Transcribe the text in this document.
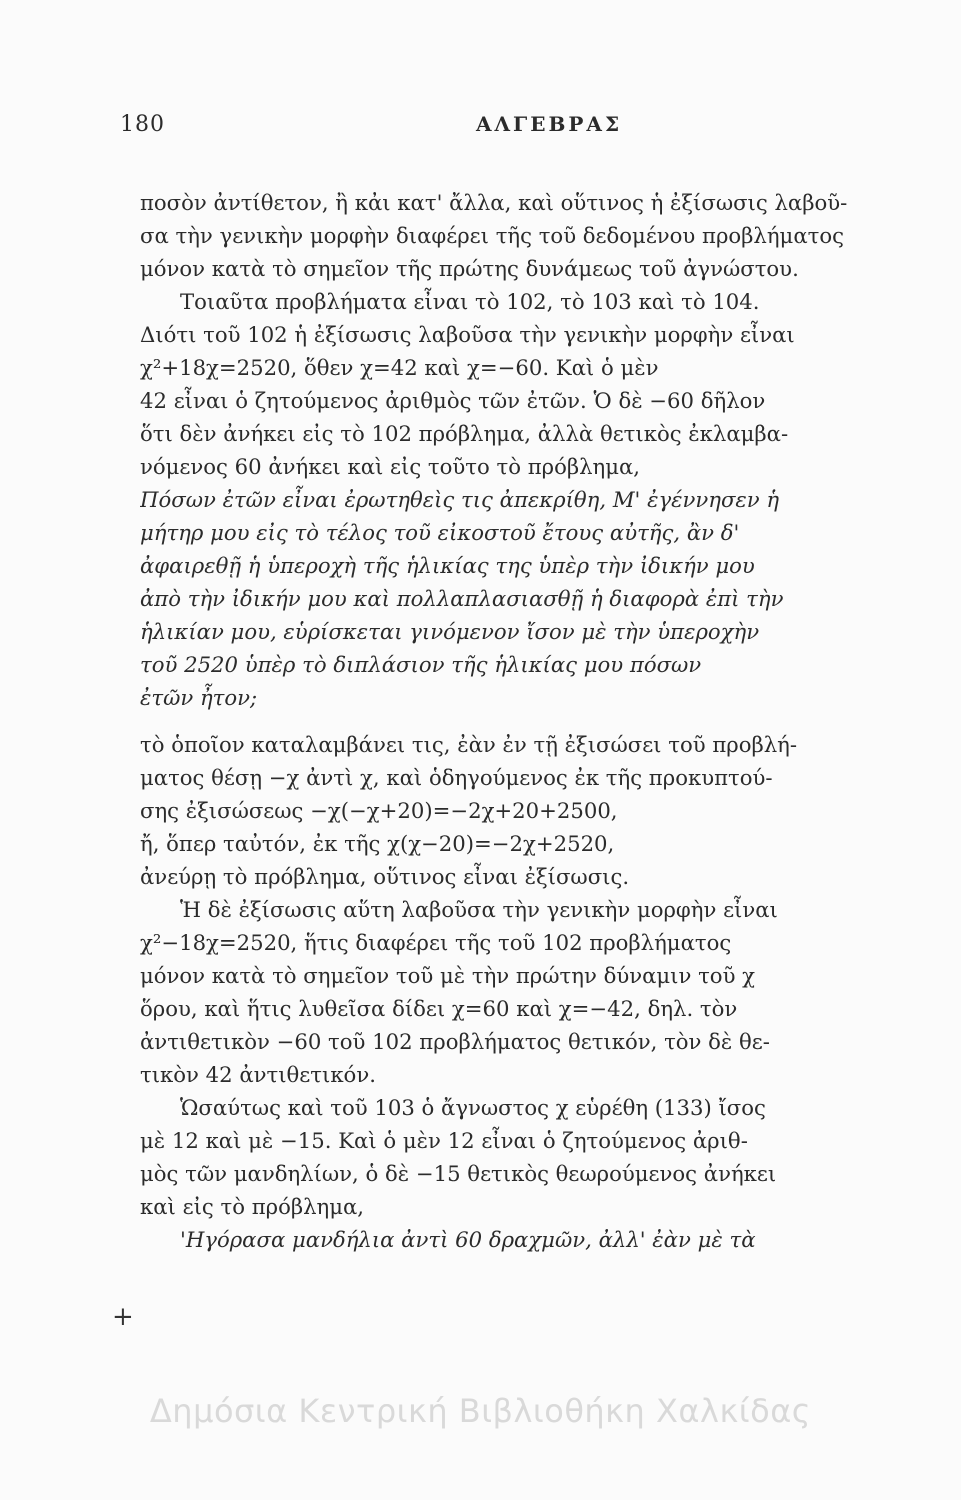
180	ΑΛΓΕΒΡΑΣ
ποσὸν ἀντίθετον, ἢ κἀι κατ' ἄλλα, καὶ οὕτινος ἡ ἐξίσωσις λαβοῦ-
σα τὴν γενικὴν μορφὴν διαφέρει τῆς τοῦ δεδομένου προβλήματος
μόνον κατὰ τὸ σημεῖον τῆς πρώτης δυνάμεως τοῦ ἀγνώστου.
Τοιαῦτα προβλήματα εἶναι τὸ 102, τὸ 103 καὶ τὸ 104.
Διότι τοῦ 102 ἡ ἐξίσωσις λαβοῦσα τὴν γενικὴν μορφὴν εἶναι
χ²+18χ=2520, ὅθεν χ=42 καὶ χ=−60. Καὶ ὁ μὲν
42 εἶναι ὁ ζητούμενος ἀριθμὸς τῶν ἐτῶν. Ὁ δὲ −60 δῆλον
ὅτι δὲν ἀνήκει εἰς τὸ 102 πρόβλημα, ἀλλὰ θετικὸς ἐκλαμβα-
νόμενος 60 ἀνήκει καὶ εἰς τοῦτο τὸ πρόβλημα,
Πόσων ἐτῶν εἶναι ἐρωτηθεὶς τις ἀπεκρίθη, Μ' ἐγέννησεν ἡ
μήτηρ μου εἰς τὸ τέλος τοῦ εἰκοστοῦ ἔτους αὐτῆς, ἂν δ'
ἀφαιρεθῇ ἡ ὑπεροχὴ τῆς ἡλικίας της ὑπὲρ τὴν ἰδικήν μου
ἀπὸ τὴν ἰδικήν μου καὶ πολλαπλασιασθῇ ἡ διαφορὰ ἐπὶ τὴν
ἡλικίαν μου, εὑρίσκεται γινόμενον ἴσον μὲ τὴν ὑπεροχὴν
τοῦ 2520 ὑπὲρ τὸ διπλάσιον τῆς ἡλικίας μου πόσων
ἐτῶν ἦτον;
τὸ ὁποῖον καταλαμβάνει τις, ἐὰν ἐν τῇ ἐξισώσει τοῦ προβλή-
ματος θέσῃ −χ ἀντὶ χ, καὶ ὁδηγούμενος ἐκ τῆς προκυπτού-
σης ἐξισώσεως −χ(−χ+20)=−2χ+20+2500,
ἤ, ὅπερ ταὐτόν, ἐκ τῆς χ(χ−20)=−2χ+2520,
ἀνεύρῃ τὸ πρόβλημα, οὕτινος εἶναι ἐξίσωσις.
Ἡ δὲ ἐξίσωσις αὕτη λαβοῦσα τὴν γενικὴν μορφὴν εἶναι
χ²−18χ=2520, ἥτις διαφέρει τῆς τοῦ 102 προβλήματος
μόνον κατὰ τὸ σημεῖον τοῦ μὲ τὴν πρώτην δύναμιν τοῦ χ
ὅρου, καὶ ἥτις λυθεῖσα δίδει χ=60 καὶ χ=−42, δηλ. τὸν
ἀντιθετικὸν −60 τοῦ 102 προβλήματος θετικόν, τὸν δὲ θε-
τικὸν 42 ἀντιθετικόν.
Ὡσαύτως καὶ τοῦ 103 ὁ ἄγνωστος χ εὑρέθη (133) ἴσος
μὲ 12 καὶ μὲ −15. Καὶ ὁ μὲν 12 εἶναι ὁ ζητούμενος ἀριθ-
μὸς τῶν μανδηλίων, ὁ δὲ −15 θετικὸς θεωρούμενος ἀνήκει
καὶ εἰς τὸ πρόβλημα,
'Ηγόρασα μανδήλια ἀντὶ 60 δραχμῶν, ἀλλ' ἐὰν μὲ τὰ
+
Δημόσια Κεντρική Βιβλιοθήκη Χαλκίδας
